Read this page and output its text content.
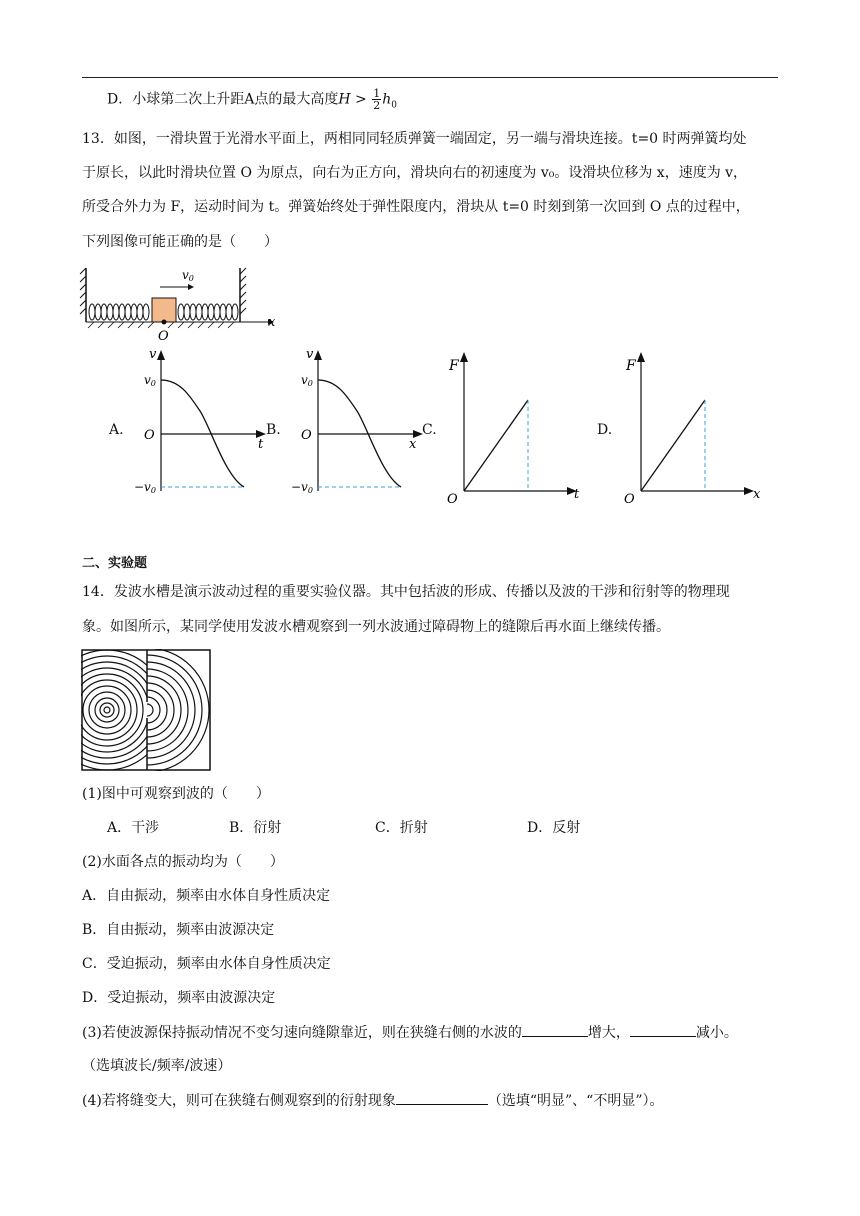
D．小球第二次上升距A点的最大高度$H > \frac{1}{2} h_0$
13．如图，一滑块置于光滑水平面上，两相同同轻质弹簧一端固定，另一端与滑块连接。t=0 时两弹簧均处
于原长，以此时滑块位置 O 为原点，向右为正方向，滑块向右的初速度为 v₀。设滑块位移为 x，速度为 v，
所受合外力为 F，运动时间为 t。弹簧始终处于弹性限度内，滑块从 t=0 时刻到第一次回到 O 点的过程中，
下列图像可能正确的是（　　）
v0
x
O
A.
v
v0
O
t
−v0
B.
v
v0
O
x
−v0
C.
F
O	t
D.
F
O	x
二、实验题
14．发波水槽是演示波动过程的重要实验仪器。其中包括波的形成、传播以及波的干涉和衍射等的物理现
象。如图所示，某同学使用发波水槽观察到一列水波通过障碍物上的缝隙后再水面上继续传播。
(1)图中可观察到波的（　　）
A．干涉	B．衍射	C．折射	D．反射
(2)水面各点的振动均为（　　）
A．自由振动，频率由水体自身性质决定
B．自由振动，频率由波源决定
C．受迫振动，频率由水体自身性质决定
D．受迫振动，频率由波源决定
(3)若使波源保持振动情况不变匀速向缝隙靠近，则在狭缝右侧的水波的	增大，	减小。
（选填波长/频率/波速）
(4)若将缝变大，则可在狭缝右侧观察到的衍射现象	（选填“明显”、“不明显”）。
